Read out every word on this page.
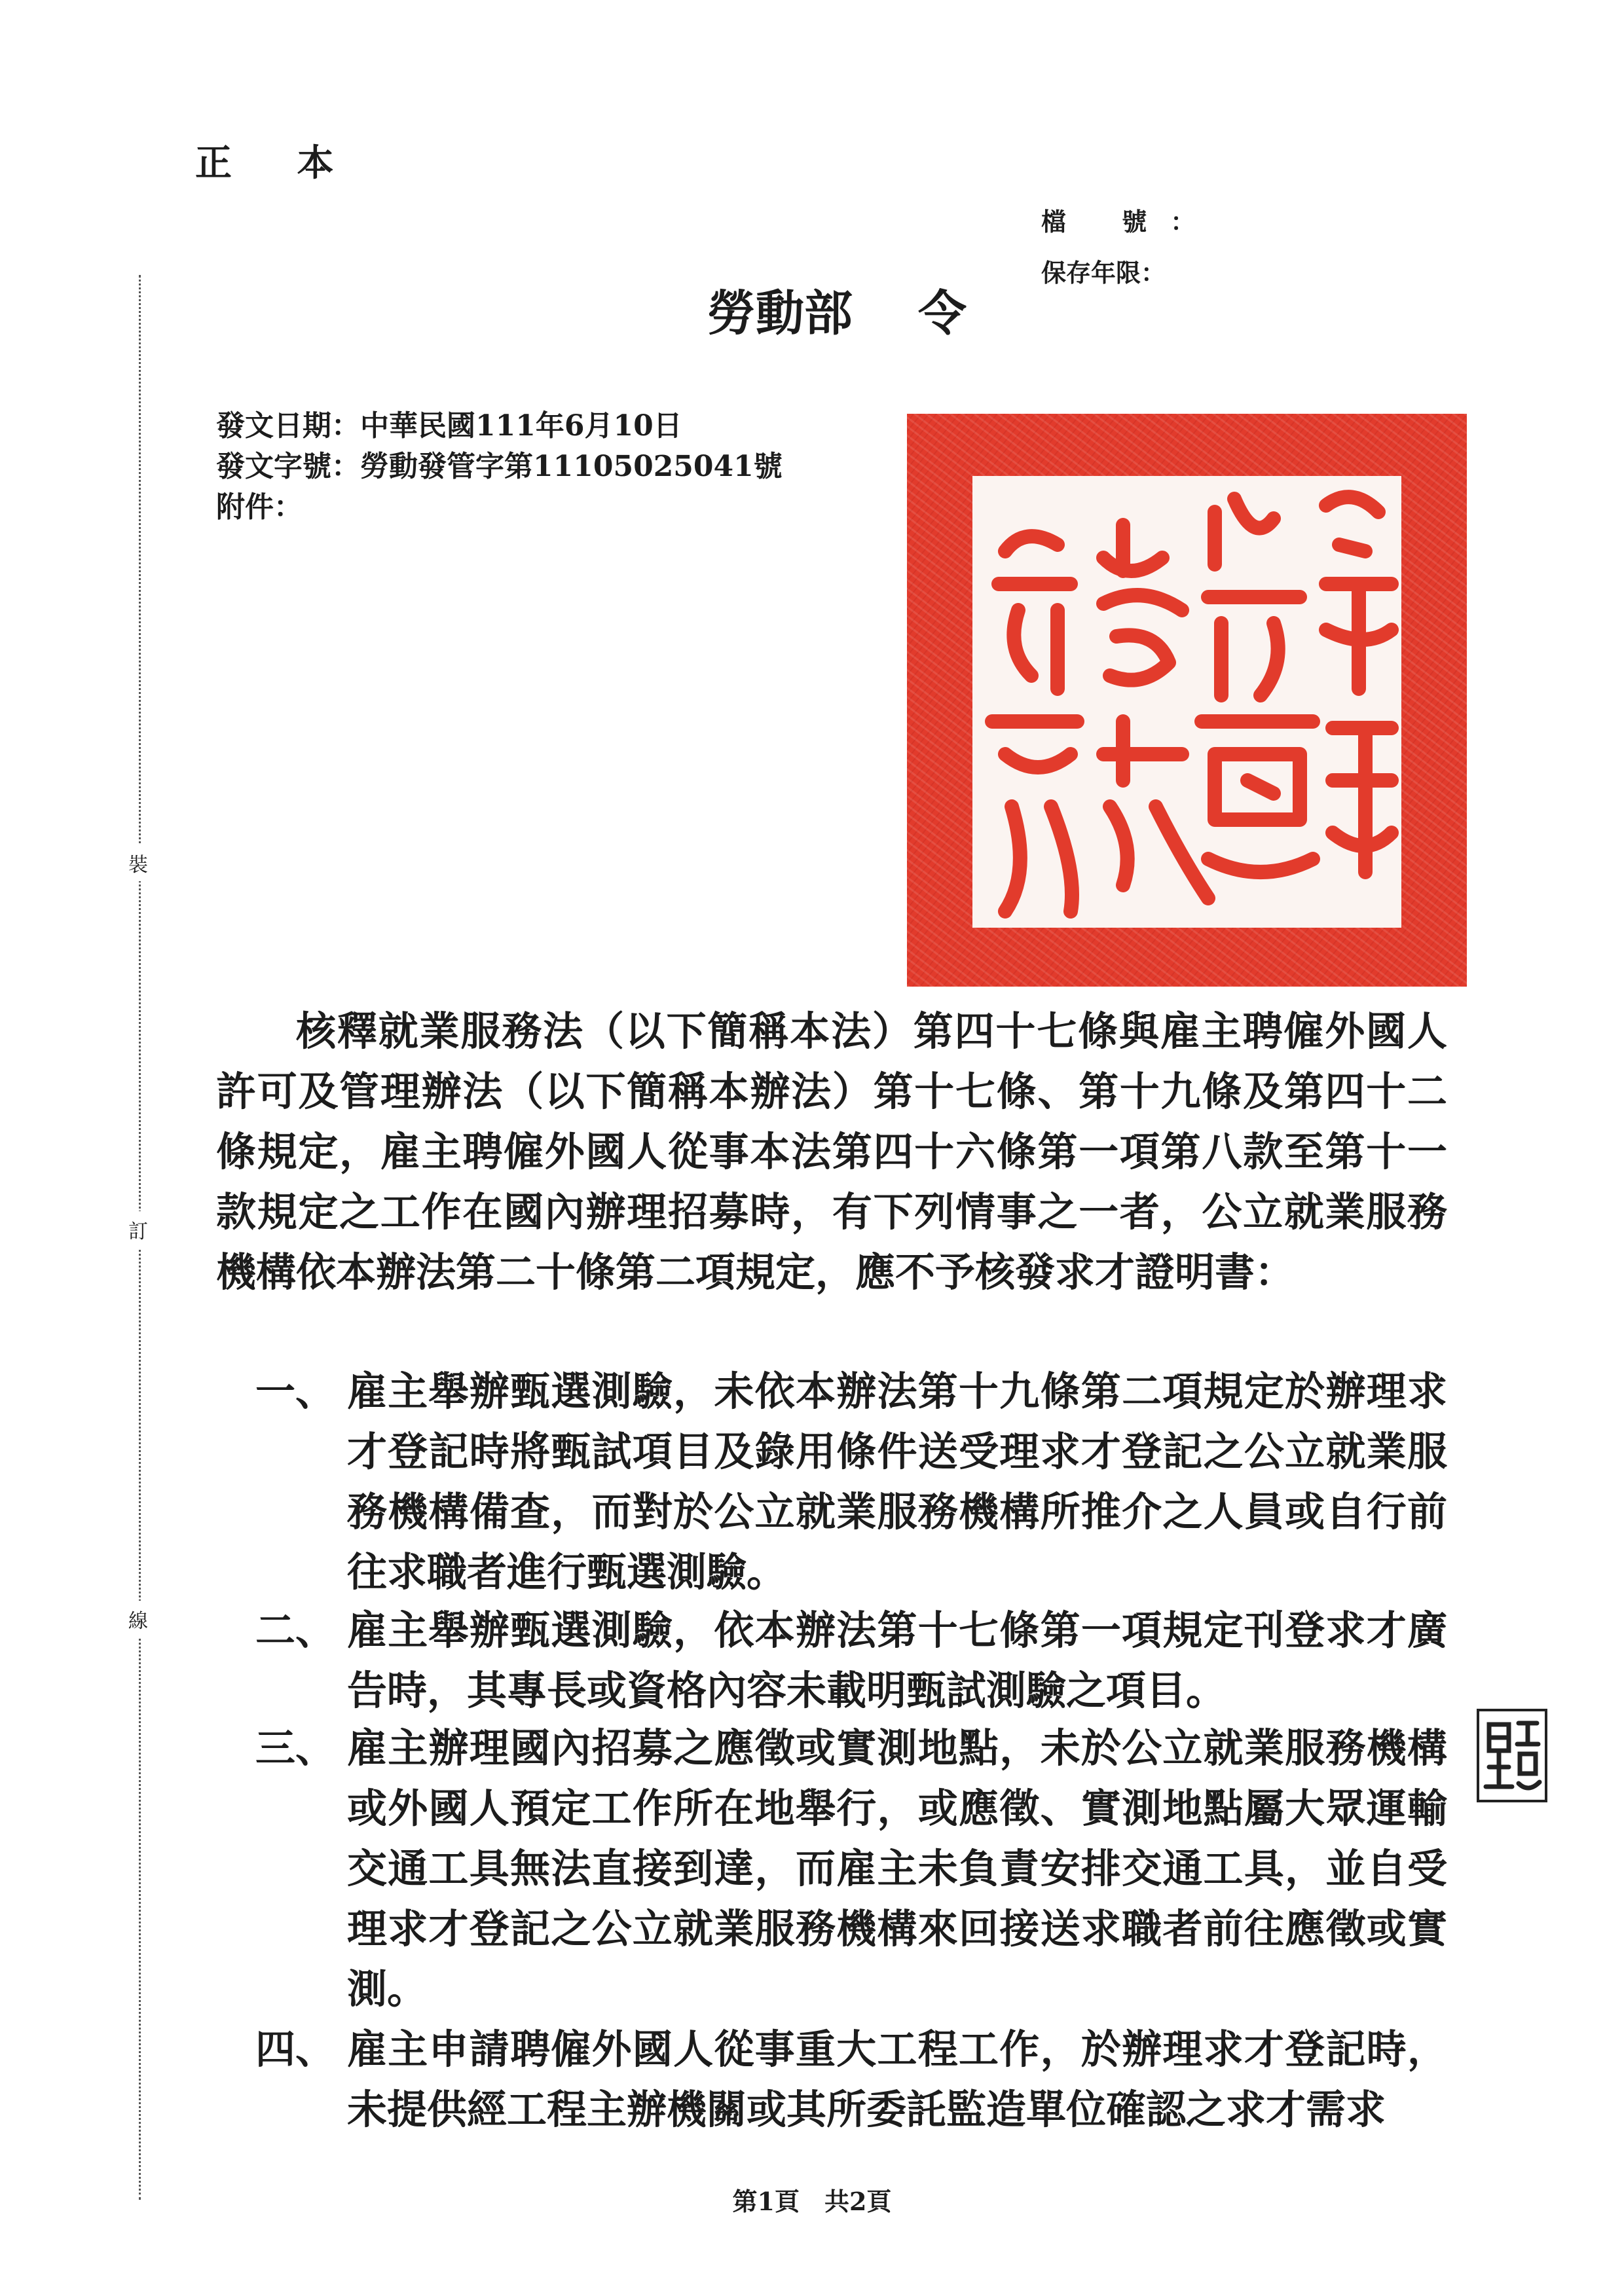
正 本
檔 號：
保存年限：
勞動部 令
發文日期：中華民國111年6月10日
發文字號：勞動發管字第11105025041號
附件：
裝
訂
線
核釋就業服務法（以下簡稱本法）第四十七條與雇主聘僱外國人許可及管理辦法（以下簡稱本辦法）第十七條、第十九條及第四十二條規定，雇主聘僱外國人從事本法第四十六條第一項第八款至第十一款規定之工作在國內辦理招募時，有下列情事之一者，公立就業服務機構依本辦法第二十條第二項規定，應不予核發求才證明書：
一、 雇主舉辦甄選測驗，未依本辦法第十九條第二項規定於辦理求才登記時將甄試項目及錄用條件送受理求才登記之公立就業服務機構備查，而對於公立就業服務機構所推介之人員或自行前往求職者進行甄選測驗。
二、 雇主舉辦甄選測驗，依本辦法第十七條第一項規定刊登求才廣告時，其專長或資格內容未載明甄試測驗之項目。
三、 雇主辦理國內招募之應徵或實測地點，未於公立就業服務機構或外國人預定工作所在地舉行，或應徵、實測地點屬大眾運輸交通工具無法直接到達，而雇主未負責安排交通工具，並自受理求才登記之公立就業服務機構來回接送求職者前往應徵或實測。
四、 雇主申請聘僱外國人從事重大工程工作，於辦理求才登記時，未提供經工程主辦機關或其所委託監造單位確認之求才需求
第1頁　共2頁
